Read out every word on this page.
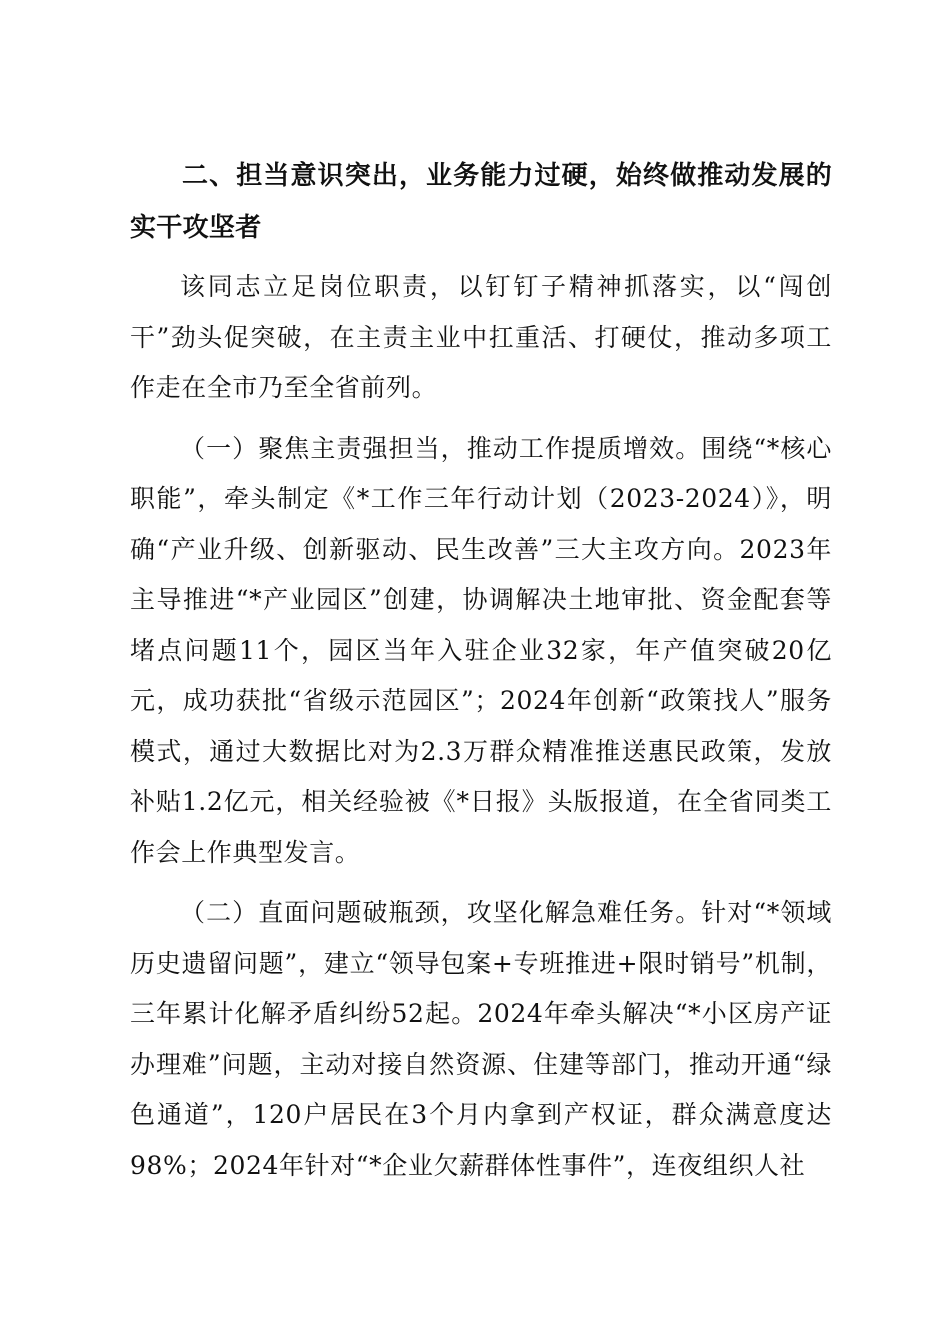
二、担当意识突出，业务能力过硬，始终做推动发展的实干攻坚者

该同志立足岗位职责，以钉钉子精神抓落实，以“闯创干”劲头促突破，在主责主业中扛重活、打硬仗，推动多项工作走在全市乃至全省前列。

（一）聚焦主责强担当，推动工作提质增效。围绕“*核心职能”，牵头制定《*工作三年行动计划（2023-2024）》，明确“产业升级、创新驱动、民生改善”三大主攻方向。2023年主导推进“*产业园区”创建，协调解决土地审批、资金配套等堵点问题11个，园区当年入驻企业32家，年产值突破20亿元，成功获批“省级示范园区”；2024年创新“政策找人”服务模式，通过大数据比对为2.3万群众精准推送惠民政策，发放补贴1.2亿元，相关经验被《*日报》头版报道，在全省同类工作会上作典型发言。

（二）直面问题破瓶颈，攻坚化解急难任务。针对“*领域历史遗留问题”，建立“领导包案+专班推进+限时销号”机制，三年累计化解矛盾纠纷52起。2024年牵头解决“*小区房产证办理难”问题，主动对接自然资源、住建等部门，推动开通“绿色通道”，120户居民在3个月内拿到产权证，群众满意度达98%；2024年针对“*企业欠薪群体性事件”，连夜组织人社
